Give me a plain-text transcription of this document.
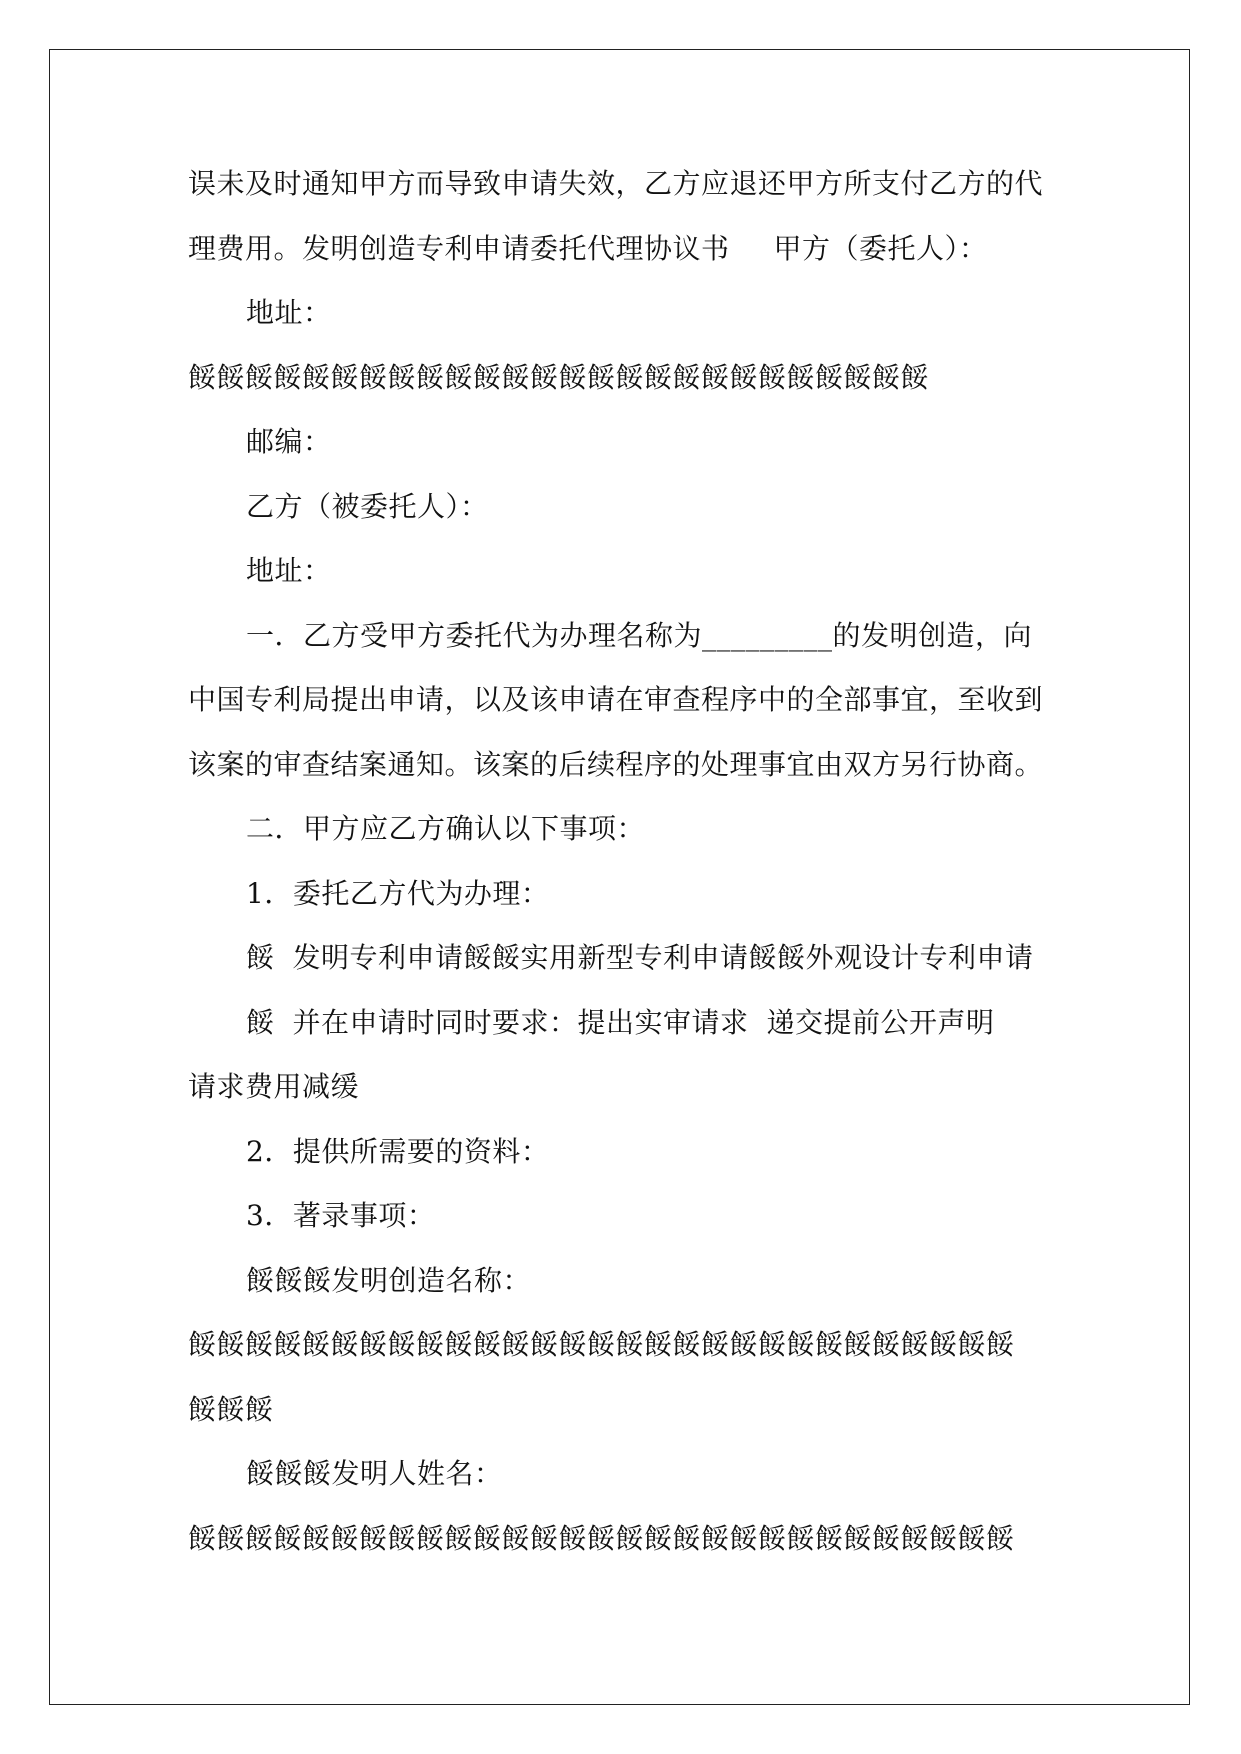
误未及时通知甲方而导致申请失效，乙方应退还甲方所支付乙方的代
理费用。发明创造专利申请委托代理协议书 甲方（委托人）：
地址：
餒餒餒餒餒餒餒餒餒餒餒餒餒餒餒餒餒餒餒餒餒餒餒餒餒餒
邮编：
乙方（被委托人）：
地址：
一．乙方受甲方委托代为办理名称为_________的发明创造，向
中国专利局提出申请，以及该申请在审查程序中的全部事宜，至收到
该案的审查结案通知。该案的后续程序的处理事宜由双方另行协商。
二．甲方应乙方确认以下事项：
1．委托乙方代为办理：
餒 发明专利申请餒餒实用新型专利申请餒餒外观设计专利申请
餒 并在申请时同时要求：提出实审请求 递交提前公开声明
请求费用减缓
2．提供所需要的资料：
3．著录事项：
餒餒餒发明创造名称：
餒餒餒餒餒餒餒餒餒餒餒餒餒餒餒餒餒餒餒餒餒餒餒餒餒餒餒餒餒
餒餒餒
餒餒餒发明人姓名：
餒餒餒餒餒餒餒餒餒餒餒餒餒餒餒餒餒餒餒餒餒餒餒餒餒餒餒餒餒
